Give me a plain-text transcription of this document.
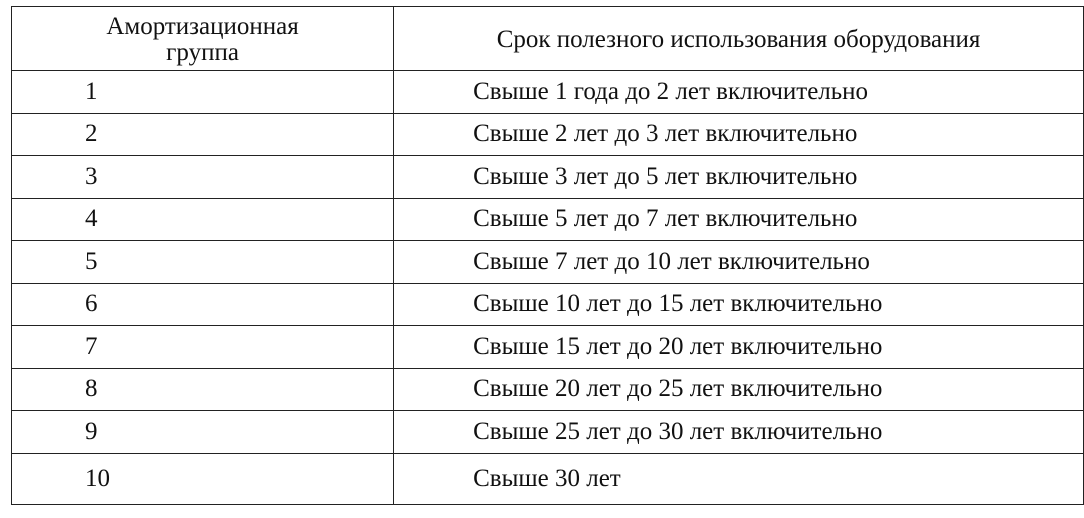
Амортизационная
группа	Срок полезного использования оборудования
1	Свыше 1 года до 2 лет включительно
2	Свыше 2 лет до 3 лет включительно
3	Свыше 3 лет до 5 лет включительно
4	Свыше 5 лет до 7 лет включительно
5	Свыше 7 лет до 10 лет включительно
6	Свыше 10 лет до 15 лет включительно
7	Свыше 15 лет до 20 лет включительно
8	Свыше 20 лет до 25 лет включительно
9	Свыше 25 лет до 30 лет включительно
10	Свыше 30 лет
